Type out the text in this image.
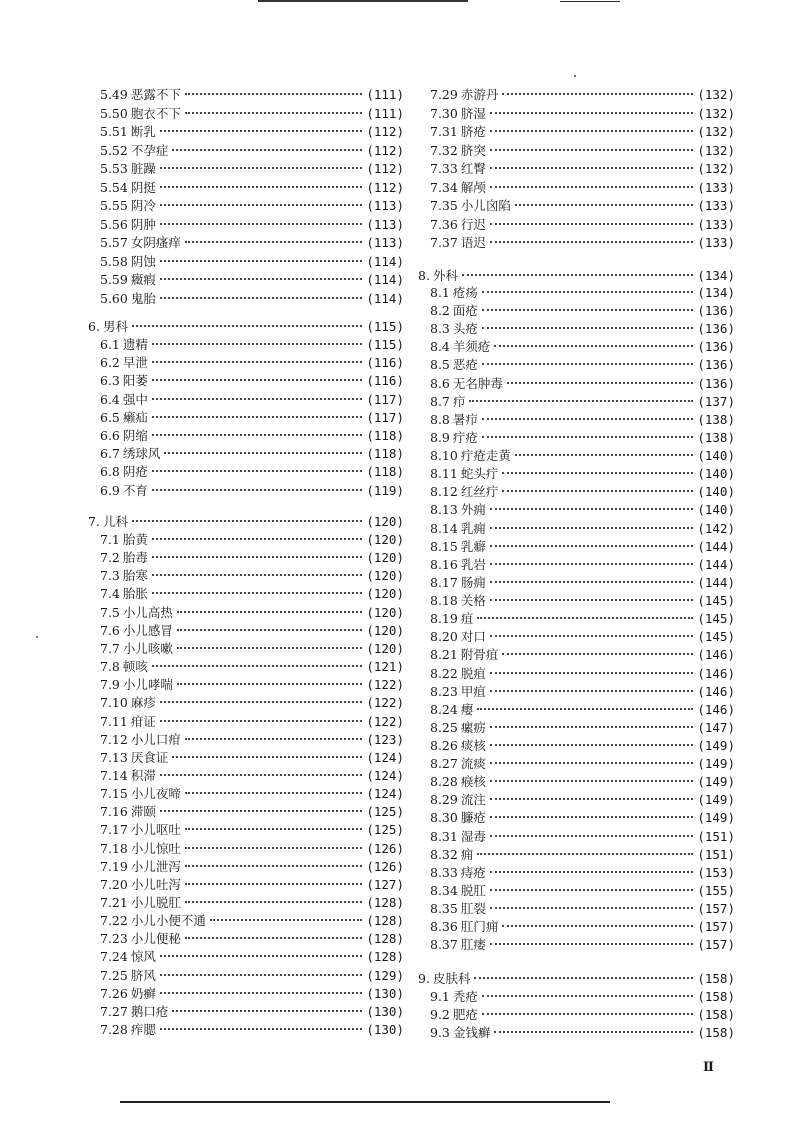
5.49 恶露不下	(111)
5.50 胞衣不下	(111)
5.51 断乳	(112)
5.52 不孕症	(112)
5.53 脏躁	(112)
5.54 阴挺	(112)
5.55 阴冷	(113)
5.56 阴肿	(113)
5.57 女阴瘙痒	(113)
5.58 阴蚀	(114)
5.59 癥瘕	(114)
5.60 鬼胎	(114)
6. 男科	(115)
6.1 遗精	(115)
6.2 早泄	(116)
6.3 阳萎	(116)
6.4 强中	(117)
6.5 癞疝	(117)
6.6 阴缩	(118)
6.7 绣球风	(118)
6.8 阴疮	(118)
6.9 不育	(119)
7. 儿科	(120)
7.1 胎黄	(120)
7.2 胎毒	(120)
7.3 胎寒	(120)
7.4 胎胀	(120)
7.5 小儿高热	(120)
7.6 小儿感冒	(120)
7.7 小儿咳嗽	(120)
7.8 顿咳	(121)
7.9 小儿哮喘	(122)
7.10 麻疹	(122)
7.11 疳证	(122)
7.12 小儿口疳	(123)
7.13 厌食证	(124)
7.14 积滞	(124)
7.15 小儿夜啼	(124)
7.16 滞颐	(125)
7.17 小儿呕吐	(125)
7.18 小儿惊吐	(126)
7.19 小儿泄泻	(126)
7.20 小儿吐泻	(127)
7.21 小儿脱肛	(128)
7.22 小儿小便不通	(128)
7.23 小儿便秘	(128)
7.24 惊风	(128)
7.25 脐风	(129)
7.26 奶癣	(130)
7.27 鹅口疮	(130)
7.28 痄腮	(130)
7.29 赤游丹	(132)
7.30 脐湿	(132)
7.31 脐疮	(132)
7.32 脐突	(132)
7.33 红臀	(132)
7.34 解颅	(133)
7.35 小儿囟陷	(133)
7.36 行迟	(133)
7.37 语迟	(133)
8. 外科	(134)
8.1 疮疡	(134)
8.2 面疮	(136)
8.3 头疮	(136)
8.4 羊须疮	(136)
8.5 恶疮	(136)
8.6 无名肿毒	(136)
8.7 疖	(137)
8.8 暑疖	(138)
8.9 疔疮	(138)
8.10 疔疮走黄	(140)
8.11 蛇头疔	(140)
8.12 红丝疔	(140)
8.13 外痈	(140)
8.14 乳痈	(142)
8.15 乳癖	(144)
8.16 乳岩	(144)
8.17 肠痈	(144)
8.18 关格	(145)
8.19 疽	(145)
8.20 对口	(145)
8.21 附骨疽	(146)
8.22 脱疽	(146)
8.23 甲疽	(146)
8.24 瘿	(146)
8.25 瘰疬	(147)
8.26 痰核	(149)
8.27 流痰	(149)
8.28 瘊核	(149)
8.29 流注	(149)
8.30 臁疮	(149)
8.31 湿毒	(151)
8.32 痈	(151)
8.33 痔疮	(153)
8.34 脱肛	(155)
8.35 肛裂	(157)
8.36 肛门痈	(157)
8.37 肛瘘	(157)
9. 皮肤科	(158)
9.1 秃疮	(158)
9.2 肥疮	(158)
9.3 金钱癣	(158)
Ⅱ
